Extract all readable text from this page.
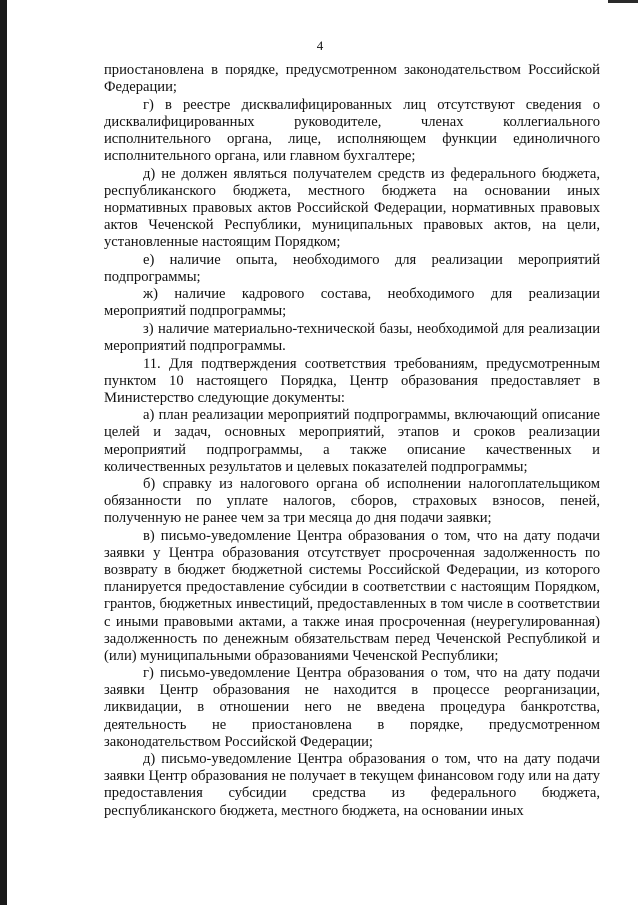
4

приостановлена в порядке, предусмотренном законодательством Российской Федерации;

г) в реестре дисквалифицированных лиц отсутствуют сведения о дисквалифицированных руководителе, членах коллегиального исполнительного органа, лице, исполняющем функции единоличного исполнительного органа, или главном бухгалтере;

д) не должен являться получателем средств из федерального бюджета, республиканского бюджета, местного бюджета на основании иных нормативных правовых актов Российской Федерации, нормативных правовых актов Чеченской Республики, муниципальных правовых актов, на цели, установленные настоящим Порядком;

е) наличие опыта, необходимого для реализации мероприятий подпрограммы;

ж) наличие кадрового состава, необходимого для реализации мероприятий подпрограммы;

з) наличие материально-технической базы, необходимой для реализации мероприятий подпрограммы.

11. Для подтверждения соответствия требованиям, предусмотренным пунктом 10 настоящего Порядка, Центр образования предоставляет в Министерство следующие документы:

а) план реализации мероприятий подпрограммы, включающий описание целей и задач, основных мероприятий, этапов и сроков реализации мероприятий подпрограммы, а также описание качественных и количественных результатов и целевых показателей подпрограммы;

б) справку из налогового органа об исполнении налогоплательщиком обязанности по уплате налогов, сборов, страховых взносов, пеней, полученную не ранее чем за три месяца до дня подачи заявки;

в) письмо-уведомление Центра образования о том, что на дату подачи заявки у Центра образования отсутствует просроченная задолженность по возврату в бюджет бюджетной системы Российской Федерации, из которого планируется предоставление субсидии в соответствии с настоящим Порядком, грантов, бюджетных инвестиций, предоставленных в том числе в соответствии с иными правовыми актами, а также иная просроченная (неурегулированная) задолженность по денежным обязательствам перед Чеченской Республикой и (или) муниципальными образованиями Чеченской Республики;

г) письмо-уведомление Центра образования о том, что на дату подачи заявки Центр образования не находится в процессе реорганизации, ликвидации, в отношении него не введена процедура банкротства, деятельность не приостановлена в порядке, предусмотренном законодательством Российской Федерации;

д) письмо-уведомление Центра образования о том, что на дату подачи заявки Центр образования не получает в текущем финансовом году или на дату предоставления субсидии средства из федерального бюджета, республиканского бюджета, местного бюджета, на основании иных
